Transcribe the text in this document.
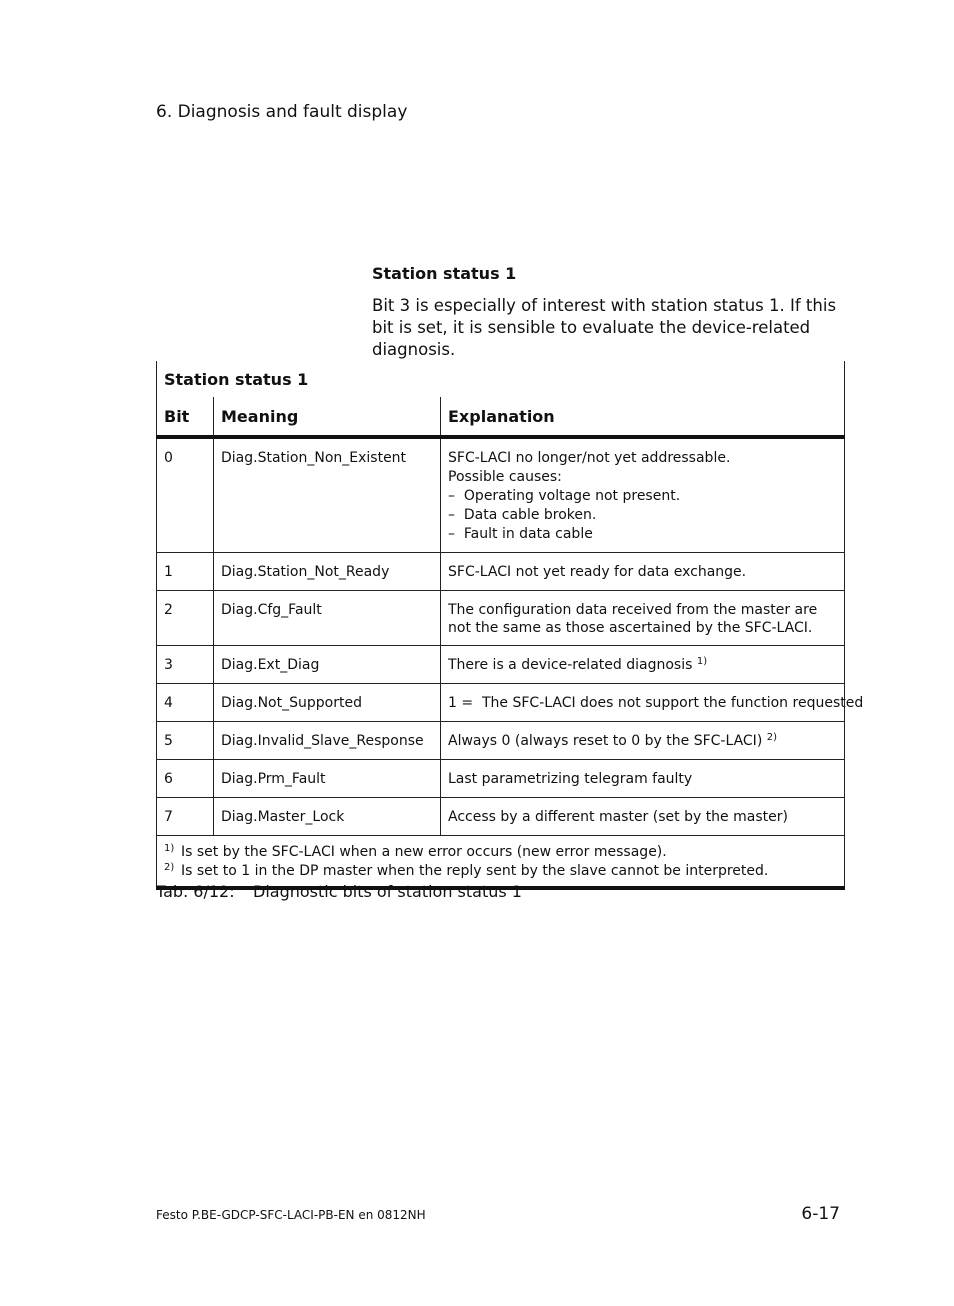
6. Diagnosis and fault display

Station status 1

Bit 3 is especially of interest with station status 1. If this bit is set, it is sensible to evaluate the device-related diagnosis.

Station status 1		
Bit	Meaning	Explanation
0	Diag.Station_Non_Existent	SFC-LACI no longer/not yet addressable.
Possible causes:
–  Operating voltage not present.
–  Data cable broken.
–  Fault in data cable

1	Diag.Station_Not_Ready	SFC-LACI not yet ready for data exchange.
2	Diag.Cfg_Fault	The configuration data received from the master are not the same as those ascertained by the SFC-LACI.
3	Diag.Ext_Diag	There is a device-related diagnosis $^{1)}$
4	Diag.Not_Supported	1 =  The SFC-LACI does not support the function requested
5	Diag.Invalid_Slave_Response	Always 0 (always reset to 0 by the SFC-LACI) $^{2)}$
6	Diag.Prm_Fault	Last parametrizing telegram faulty
7	Diag.Master_Lock	Access by a different master (set by the master)

$^{1)}$ Is set by the SFC-LACI when a new error occurs (new error message).
$^{2)}$ Is set to 1 in the DP master when the reply sent by the slave cannot be interpreted.		
Tab. 6/12: Diagnostic bits of station status 1
Festo P.BE-GDCP-SFC-LACI-PB-EN en 0812NH	6-17
